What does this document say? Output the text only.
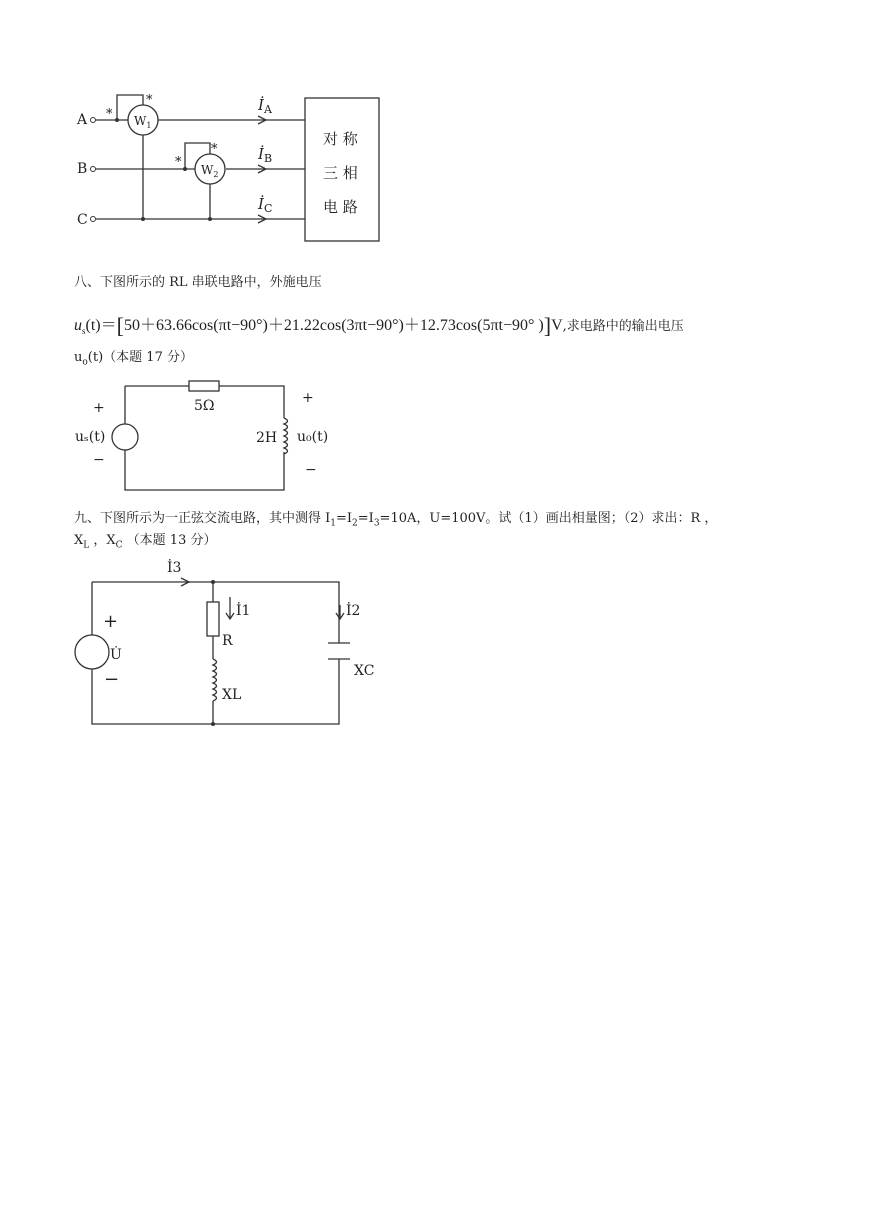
A
B
C
$W_1$
*
*
$W_2$
*
*
$İ_A$
$İ_B$
$İ_C$
对 称
三 相
电 路
八、下图所示的 RL 串联电路中，外施电压
$u_s(t)=[50+63.66\cos(\pi t-90^\circ)+21.22\cos(3\pi t-90^\circ)+12.73\cos(5\pi t-90^\circ$ )]V,求电路中的输出电压
$u_o(t)$（本题 17 分）
5Ω
+
uₛ(t)
−
2H u₀(t)
+
−
九、下图所示为一正弦交流电路，其中测得 $I_1=I_2=I_3=10A$，U=100V。试（1）画出相量图；（2）求出：R ，
$X_L$ ，$X_C$ （本题 13 分）
+
U̇
−
İ3
İ1	İ2
R
XL
XC
